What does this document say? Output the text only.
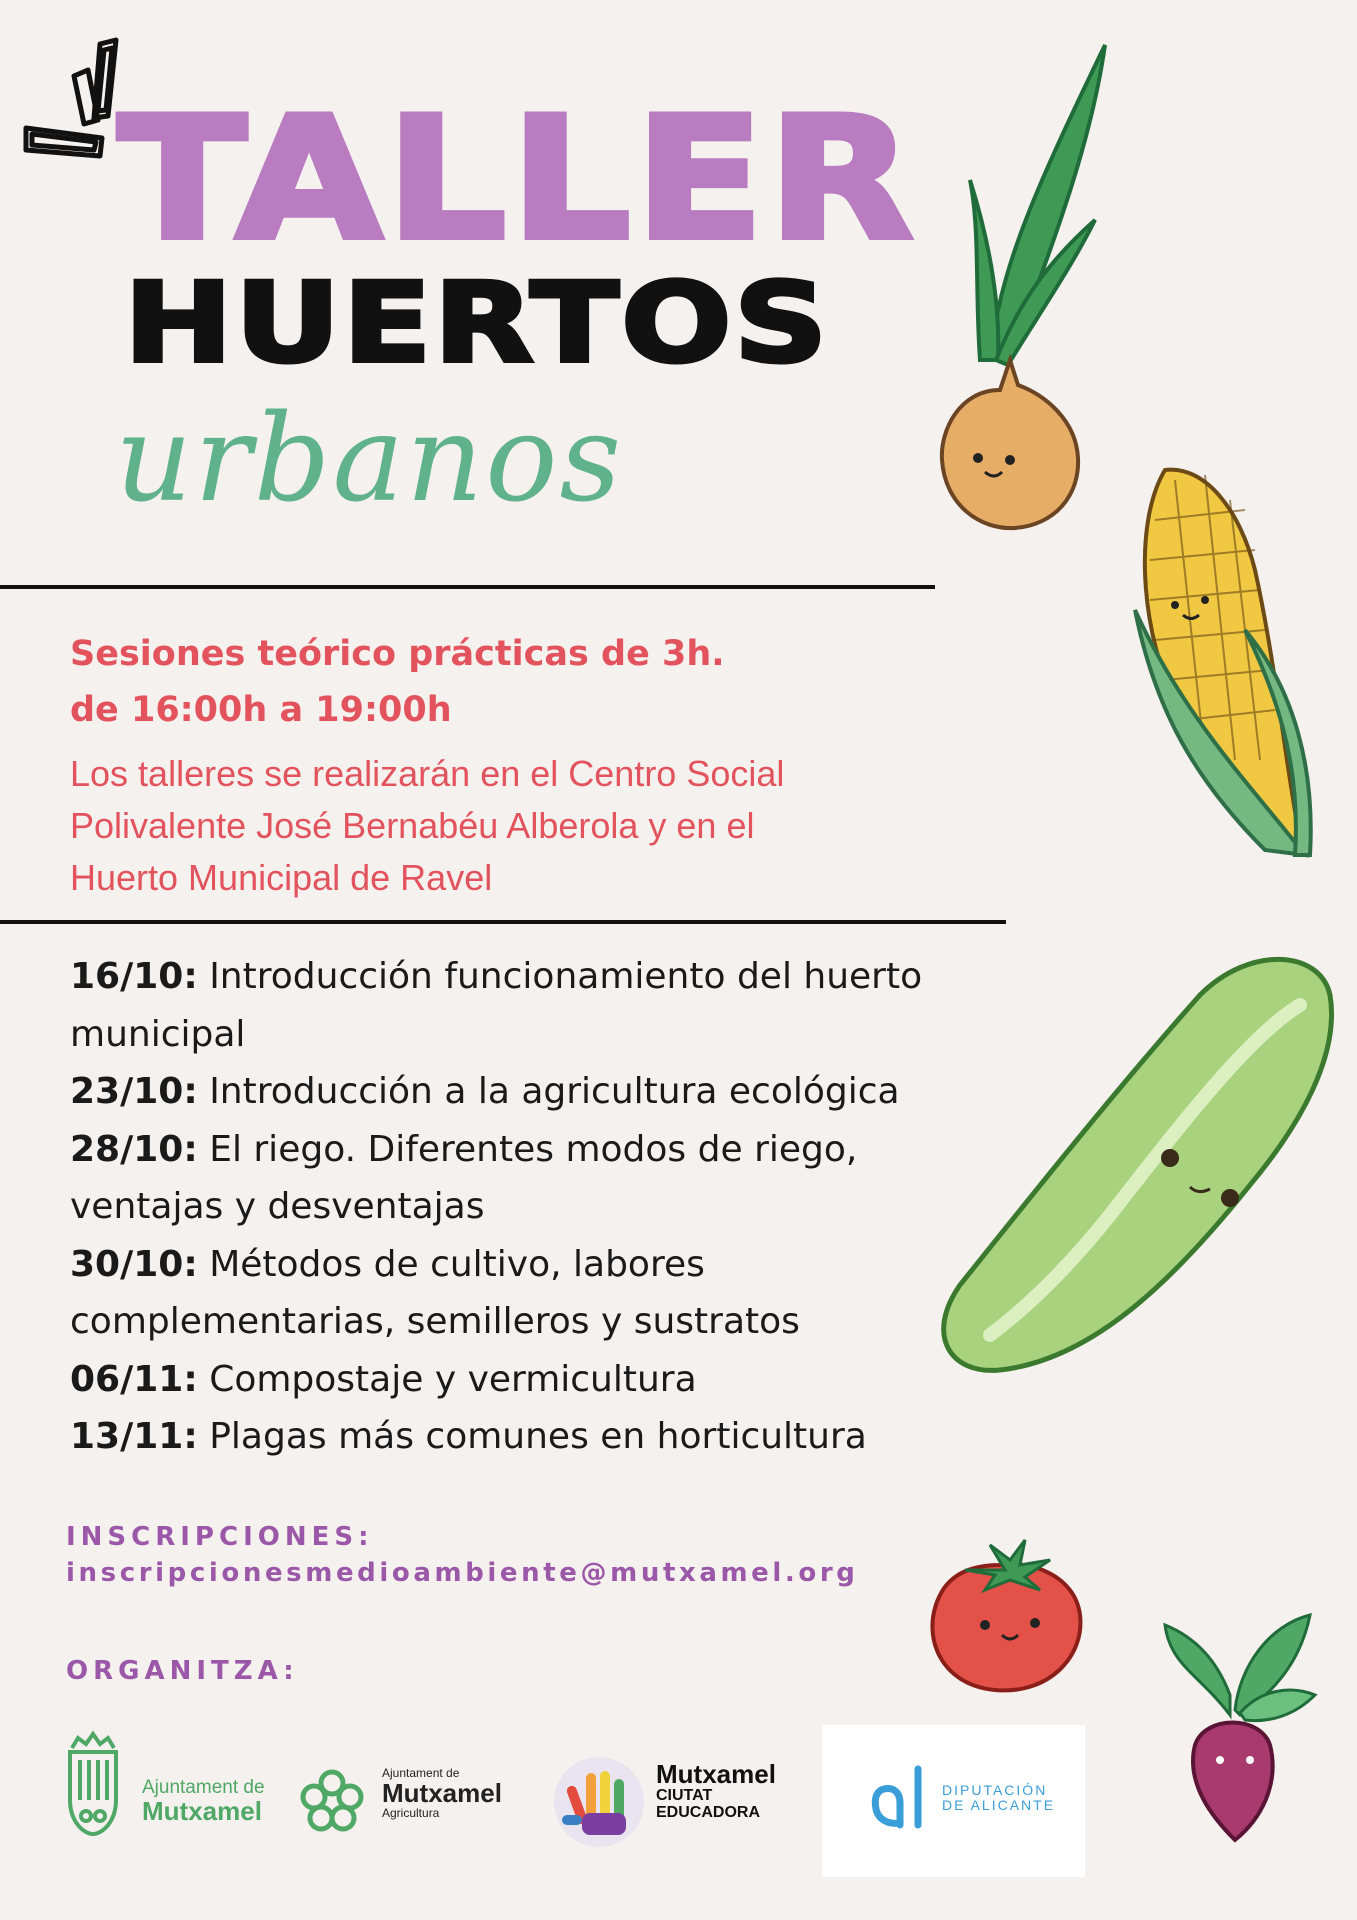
TALLER
HUERTOS
urbanos
Sesiones teórico prácticas de 3h.
de 16:00h a 19:00h
Los talleres se realizarán en el Centro Social
Polivalente José Bernabéu Alberola y en el
Huerto Municipal de Ravel
16/10: Introducción funcionamiento del huerto
municipal
23/10: Introducción a la agricultura ecológica
28/10: El riego. Diferentes modos de riego,
ventajas y desventajas
30/10: Métodos de cultivo, labores
complementarias, semilleros y sustratos
06/11: Compostaje y vermicultura
13/11: Plagas más comunes en horticultura
INSCRIPCIONES:
inscripcionesmedioambiente@mutxamel.org
ORGANITZA:
Ajuntament de
Mutxamel
Ajuntament de
Mutxamel
Agricultura
Mutxamel
CIUTAT
EDUCADORA
DIPUTACIÓN
DE ALICANTE
